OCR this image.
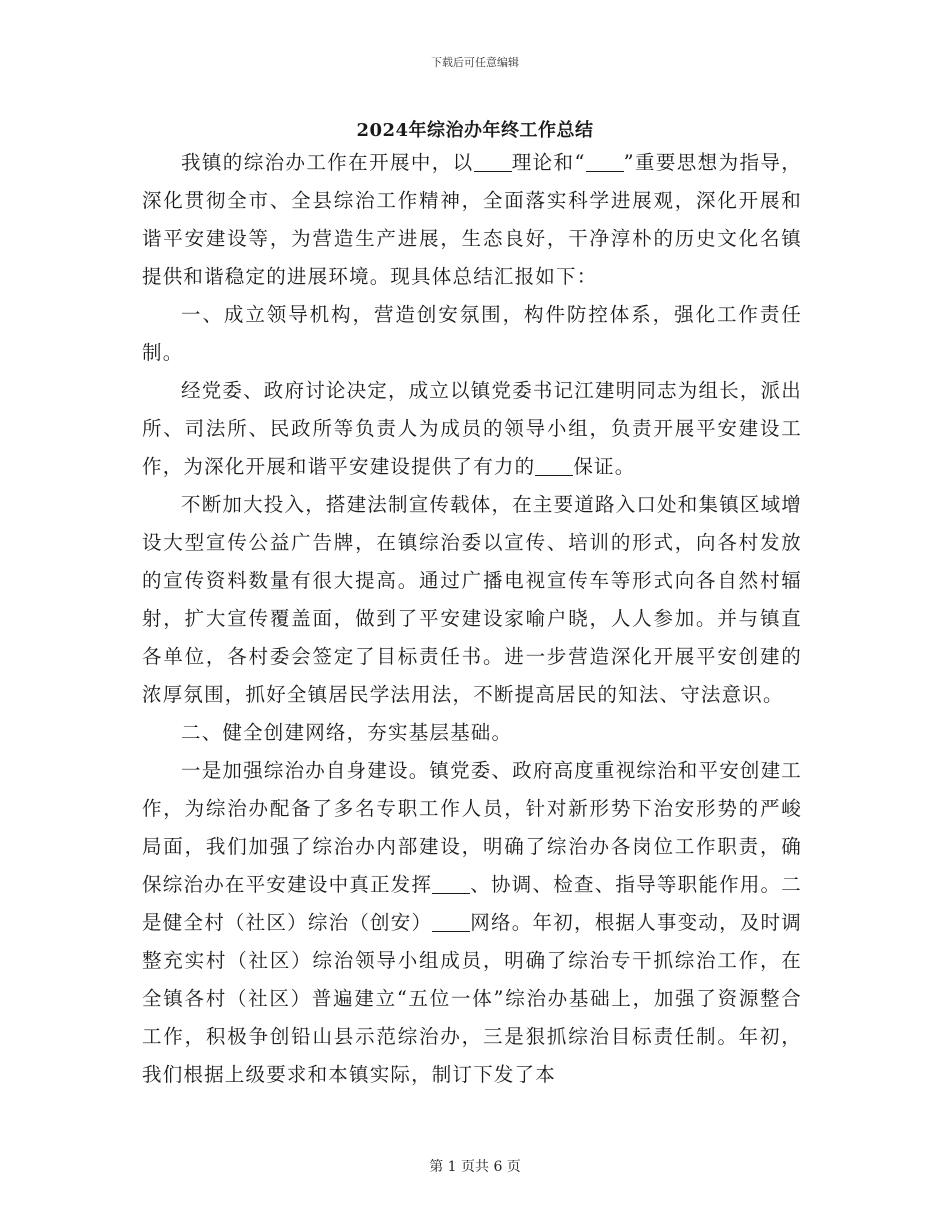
下载后可任意编辑
2024年综治办年终工作总结

我镇的综治办工作在开展中，以 理论和“ ”重要思想为指导，深化贯彻全市、全县综治工作精神，全面落实科学进展观，深化开展和谐平安建设等，为营造生产进展，生态良好，干净淳朴的历史文化名镇提供和谐稳定的进展环境。现具体总结汇报如下：

一、成立领导机构，营造创安氛围，构件防控体系，强化工作责任制。

经党委、政府讨论决定，成立以镇党委书记江建明同志为组长，派出所、司法所、民政所等负责人为成员的领导小组，负责开展平安建设工作，为深化开展和谐平安建设提供了有力的 保证。

不断加大投入，搭建法制宣传载体，在主要道路入口处和集镇区域增设大型宣传公益广告牌，在镇综治委以宣传、培训的形式，向各村发放的宣传资料数量有很大提高。通过广播电视宣传车等形式向各自然村辐射，扩大宣传覆盖面，做到了平安建设家喻户晓，人人参加。并与镇直各单位，各村委会签定了目标责任书。进一步营造深化开展平安创建的浓厚氛围，抓好全镇居民学法用法，不断提高居民的知法、守法意识。

二、健全创建网络，夯实基层基础。

一是加强综治办自身建设。镇党委、政府高度重视综治和平安创建工作，为综治办配备了多名专职工作人员，针对新形势下治安形势的严峻局面，我们加强了综治办内部建设，明确了综治办各岗位工作职责，确保综治办在平安建设中真正发挥 、协调、检查、指导等职能作用。二是健全村（社区）综治（创安） 网络。年初，根据人事变动，及时调整充实村（社区）综治领导小组成员，明确了综治专干抓综治工作，在全镇各村（社区）普遍建立“五位一体”综治办基础上，加强了资源整合工作，积极争创铅山县示范综治办，三是狠抓综治目标责任制。年初，我们根据上级要求和本镇实际，制订下发了本

第 1 页共 6 页
